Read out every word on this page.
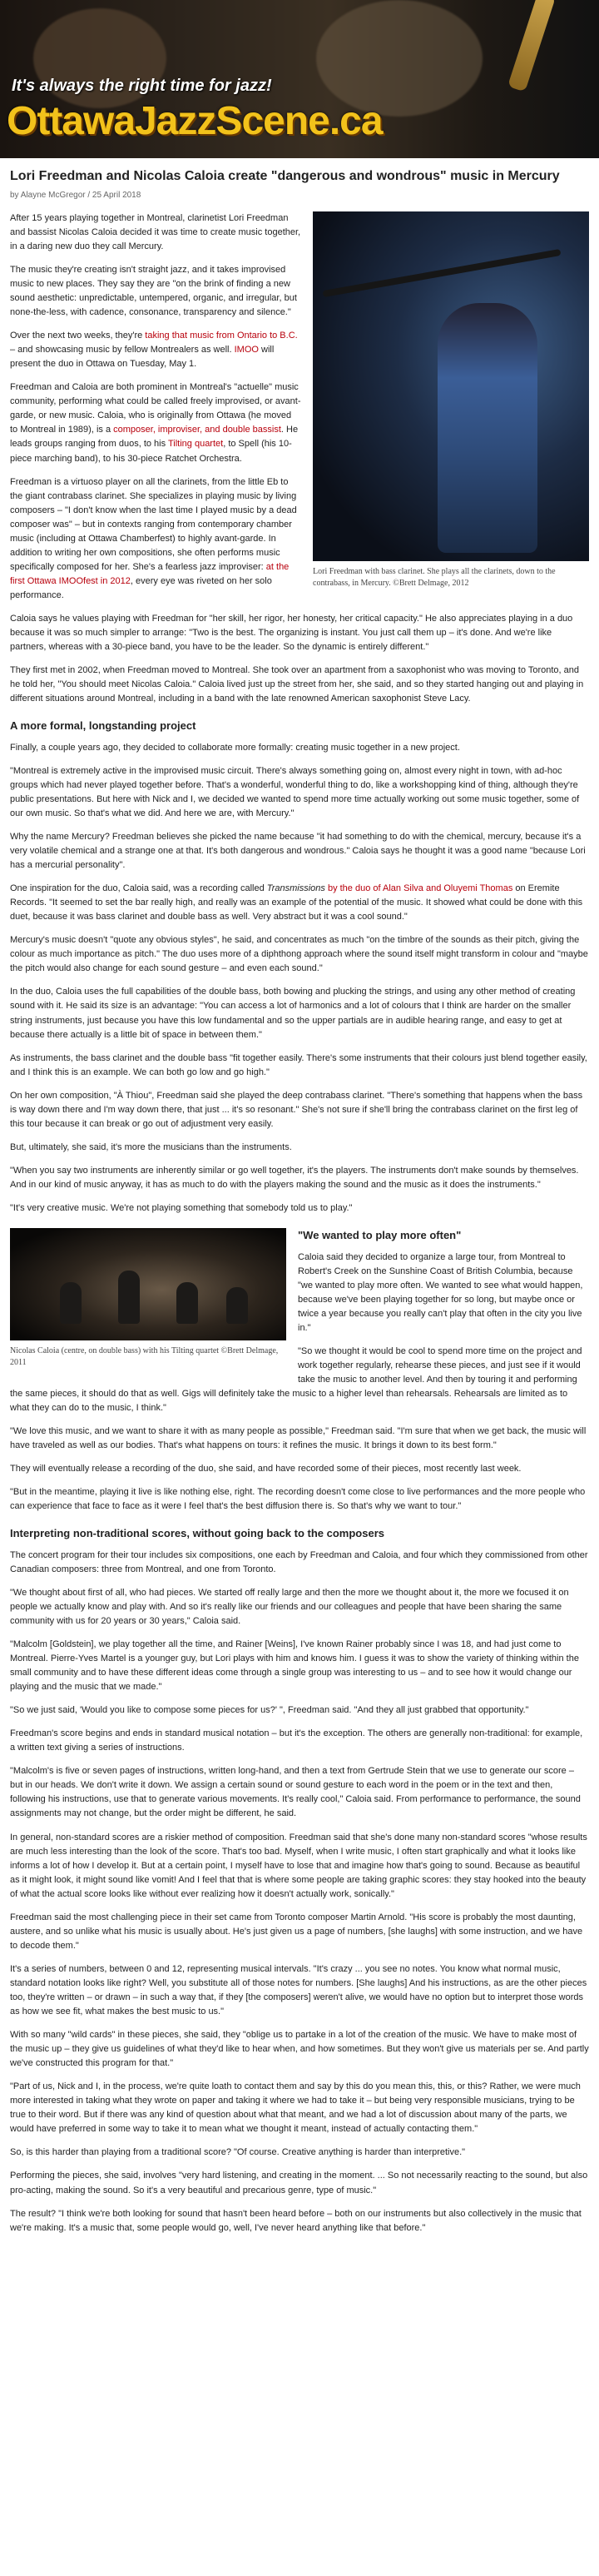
It's always the right time for jazz!
OttawaJazzScene.ca
Lori Freedman and Nicolas Caloia create "dangerous and wondrous" music in Mercury
by Alayne McGregor / 25 April 2018
Lori Freedman with bass clarinet. She plays all the clarinets, down to the contrabass, in Mercury. ©Brett Delmage, 2012

After 15 years playing together in Montreal, clarinetist Lori Freedman and bassist Nicolas Caloia decided it was time to create music together, in a daring new duo they call Mercury.

The music they're creating isn't straight jazz, and it takes improvised music to new places. They say they are "on the brink of finding a new sound aesthetic: unpredictable, untempered, organic, and irregular, but none-the-less, with cadence, consonance, transparency and silence."

Over the next two weeks, they're taking that music from Ontario to B.C. – and showcasing music by fellow Montrealers as well. IMOO will present the duo in Ottawa on Tuesday, May 1.

Freedman and Caloia are both prominent in Montreal's "actuelle" music community, performing what could be called freely improvised, or avant-garde, or new music. Caloia, who is originally from Ottawa (he moved to Montreal in 1989), is a composer, improviser, and double bassist. He leads groups ranging from duos, to his Tilting quartet, to Spell (his 10-piece marching band), to his 30-piece Ratchet Orchestra.

Freedman is a virtuoso player on all the clarinets, from the little Eb to the giant contrabass clarinet. She specializes in playing music by living composers – "I don't know when the last time I played music by a dead composer was" – but in contexts ranging from contemporary chamber music (including at Ottawa Chamberfest) to highly avant-garde. In addition to writing her own compositions, she often performs music specifically composed for her. She's a fearless jazz improviser: at the first Ottawa IMOOfest in 2012, every eye was riveted on her solo performance.

Caloia says he values playing with Freedman for "her skill, her rigor, her honesty, her critical capacity." He also appreciates playing in a duo because it was so much simpler to arrange: "Two is the best. The organizing is instant. You just call them up – it's done. And we're like partners, whereas with a 30-piece band, you have to be the leader. So the dynamic is entirely different."

They first met in 2002, when Freedman moved to Montreal. She took over an apartment from a saxophonist who was moving to Toronto, and he told her, "You should meet Nicolas Caloia." Caloia lived just up the street from her, she said, and so they started hanging out and playing in different situations around Montreal, including in a band with the late renowned American saxophonist Steve Lacy.

A more formal, longstanding project

Finally, a couple years ago, they decided to collaborate more formally: creating music together in a new project.

"Montreal is extremely active in the improvised music circuit. There's always something going on, almost every night in town, with ad-hoc groups which had never played together before. That's a wonderful, wonderful thing to do, like a workshopping kind of thing, although they're public presentations. But here with Nick and I, we decided we wanted to spend more time actually working out some music together, some of our own music. So that's what we did. And here we are, with Mercury."

Why the name Mercury? Freedman believes she picked the name because "it had something to do with the chemical, mercury, because it's a very volatile chemical and a strange one at that. It's both dangerous and wondrous." Caloia says he thought it was a good name "because Lori has a mercurial personality".

One inspiration for the duo, Caloia said, was a recording called Transmissions by the duo of Alan Silva and Oluyemi Thomas on Eremite Records. "It seemed to set the bar really high, and really was an example of the potential of the music. It showed what could be done with this duet, because it was bass clarinet and double bass as well. Very abstract but it was a cool sound."

Mercury's music doesn't "quote any obvious styles", he said, and concentrates as much "on the timbre of the sounds as their pitch, giving the colour as much importance as pitch." The duo uses more of a diphthong approach where the sound itself might transform in colour and "maybe the pitch would also change for each sound gesture – and even each sound."

In the duo, Caloia uses the full capabilities of the double bass, both bowing and plucking the strings, and using any other method of creating sound with it. He said its size is an advantage: "You can access a lot of harmonics and a lot of colours that I think are harder on the smaller string instruments, just because you have this low fundamental and so the upper partials are in audible hearing range, and easy to get at because there actually is a little bit of space in between them."

As instruments, the bass clarinet and the double bass "fit together easily. There's some instruments that their colours just blend together easily, and I think this is an example. We can both go low and go high."

On her own composition, "À Thiou", Freedman said she played the deep contrabass clarinet. "There's something that happens when the bass is way down there and I'm way down there, that just ... it's so resonant." She's not sure if she'll bring the contrabass clarinet on the first leg of this tour because it can break or go out of adjustment very easily.

But, ultimately, she said, it's more the musicians than the instruments.

"When you say two instruments are inherently similar or go well together, it's the players. The instruments don't make sounds by themselves. And in our kind of music anyway, it has as much to do with the players making the sound and the music as it does the instruments."

"It's very creative music. We're not playing something that somebody told us to play."

Nicolas Caloia (centre, on double bass) with his Tilting quartet ©Brett Delmage, 2011
"We wanted to play more often"

Caloia said they decided to organize a large tour, from Montreal to Robert's Creek on the Sunshine Coast of British Columbia, because "we wanted to play more often. We wanted to see what would happen, because we've been playing together for so long, but maybe once or twice a year because you really can't play that often in the city you live in."

"So we thought it would be cool to spend more time on the project and work together regularly, rehearse these pieces, and just see if it would take the music to another level. And then by touring it and performing the same pieces, it should do that as well. Gigs will definitely take the music to a higher level than rehearsals. Rehearsals are limited as to what they can do to the music, I think."

"We love this music, and we want to share it with as many people as possible," Freedman said. "I'm sure that when we get back, the music will have traveled as well as our bodies. That's what happens on tours: it refines the music. It brings it down to its best form."

They will eventually release a recording of the duo, she said, and have recorded some of their pieces, most recently last week.

"But in the meantime, playing it live is like nothing else, right. The recording doesn't come close to live performances and the more people who can experience that face to face as it were I feel that's the best diffusion there is. So that's why we want to tour."

Interpreting non-traditional scores, without going back to the composers

The concert program for their tour includes six compositions, one each by Freedman and Caloia, and four which they commissioned from other Canadian composers: three from Montreal, and one from Toronto.

"We thought about first of all, who had pieces. We started off really large and then the more we thought about it, the more we focused it on people we actually know and play with. And so it's really like our friends and our colleagues and people that have been sharing the same community with us for 20 years or 30 years," Caloia said.

"Malcolm [Goldstein], we play together all the time, and Rainer [Weins], I've known Rainer probably since I was 18, and had just come to Montreal. Pierre-Yves Martel is a younger guy, but Lori plays with him and knows him. I guess it was to show the variety of thinking within the small community and to have these different ideas come through a single group was interesting to us – and to see how it would change our playing and the music that we made."

"So we just said, 'Would you like to compose some pieces for us?' ", Freedman said. "And they all just grabbed that opportunity."

Freedman's score begins and ends in standard musical notation – but it's the exception. The others are generally non-traditional: for example, a written text giving a series of instructions.

"Malcolm's is five or seven pages of instructions, written long-hand, and then a text from Gertrude Stein that we use to generate our score – but in our heads. We don't write it down. We assign a certain sound or sound gesture to each word in the poem or in the text and then, following his instructions, use that to generate various movements. It's really cool," Caloia said. From performance to performance, the sound assignments may not change, but the order might be different, he said.

In general, non-standard scores are a riskier method of composition. Freedman said that she's done many non-standard scores "whose results are much less interesting than the look of the score. That's too bad. Myself, when I write music, I often start graphically and what it looks like informs a lot of how I develop it. But at a certain point, I myself have to lose that and imagine how that's going to sound. Because as beautiful as it might look, it might sound like vomit! And I feel that that is where some people are taking graphic scores: they stay hooked into the beauty of what the actual score looks like without ever realizing how it doesn't actually work, sonically."

Freedman said the most challenging piece in their set came from Toronto composer Martin Arnold. "His score is probably the most daunting, austere, and so unlike what his music is usually about. He's just given us a page of numbers, [she laughs] with some instruction, and we have to decode them."

It's a series of numbers, between 0 and 12, representing musical intervals. "It's crazy ... you see no notes. You know what normal music, standard notation looks like right? Well, you substitute all of those notes for numbers. [She laughs] And his instructions, as are the other pieces too, they're written – or drawn – in such a way that, if they [the composers] weren't alive, we would have no option but to interpret those words as how we see fit, what makes the best music to us."

With so many "wild cards" in these pieces, she said, they "oblige us to partake in a lot of the creation of the music. We have to make most of the music up – they give us guidelines of what they'd like to hear when, and how sometimes. But they won't give us materials per se. And partly we've constructed this program for that."

"Part of us, Nick and I, in the process, we're quite loath to contact them and say by this do you mean this, this, or this? Rather, we were much more interested in taking what they wrote on paper and taking it where we had to take it – but being very responsible musicians, trying to be true to their word. But if there was any kind of question about what that meant, and we had a lot of discussion about many of the parts, we would have preferred in some way to take it to mean what we thought it meant, instead of actually contacting them."

So, is this harder than playing from a traditional score? "Of course. Creative anything is harder than interpretive."

Performing the pieces, she said, involves "very hard listening, and creating in the moment. ... So not necessarily reacting to the sound, but also pro-acting, making the sound. So it's a very beautiful and precarious genre, type of music."

The result? "I think we're both looking for sound that hasn't been heard before – both on our instruments but also collectively in the music that we're making. It's a music that, some people would go, well, I've never heard anything like that before."
